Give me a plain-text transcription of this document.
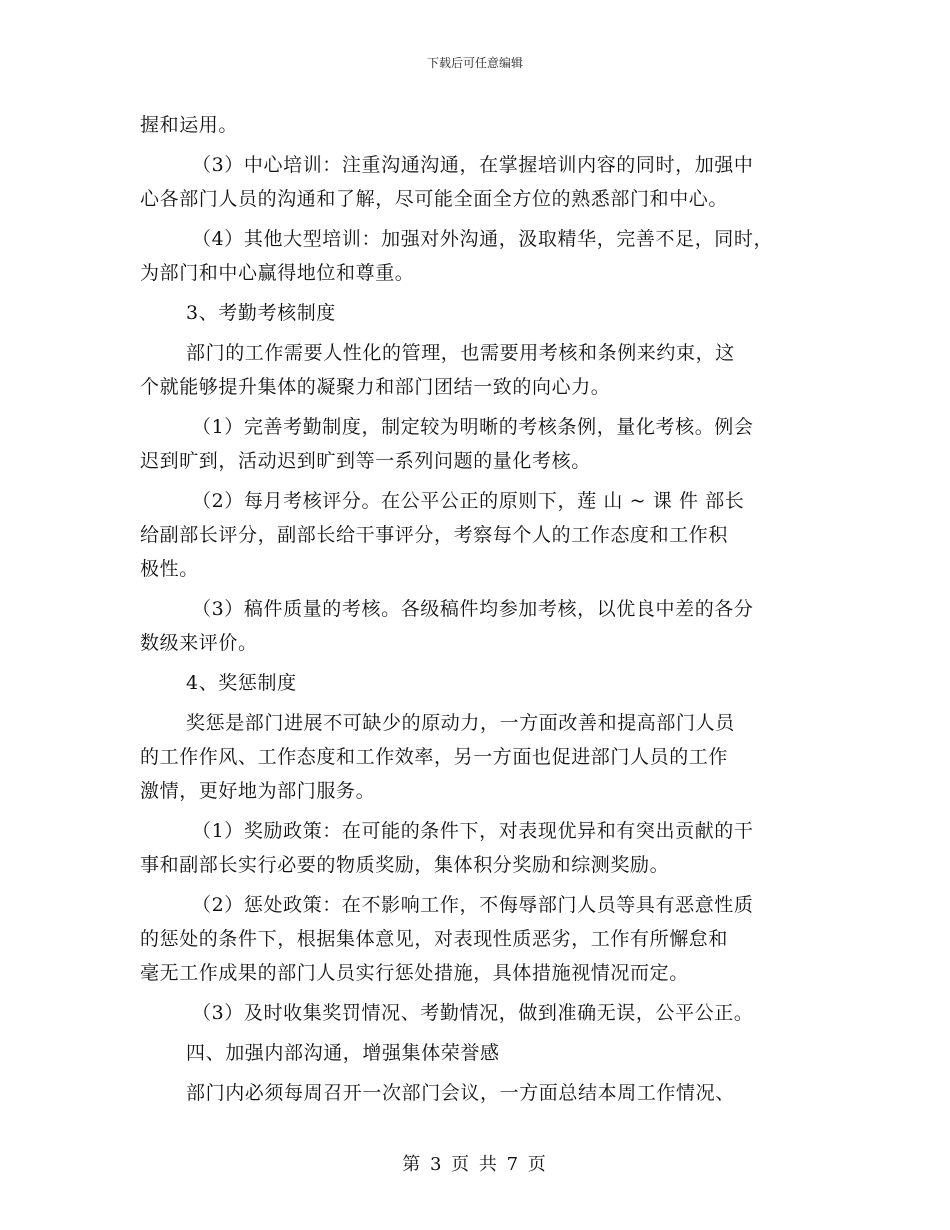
下载后可任意编辑
握和运用。
（3）中心培训：注重沟通沟通，在掌握培训内容的同时，加强中
心各部门人员的沟通和了解，尽可能全面全方位的熟悉部门和中心。
（4）其他大型培训：加强对外沟通，汲取精华，完善不足，同时，
为部门和中心赢得地位和尊重。
3、考勤考核制度
部门的工作需要人性化的管理，也需要用考核和条例来约束，这
个就能够提升集体的凝聚力和部门团结一致的向心力。
（1）完善考勤制度，制定较为明晰的考核条例，量化考核。例会
迟到旷到，活动迟到旷到等一系列问题的量化考核。
（2）每月考核评分。在公平公正的原则下，莲 山 ~ 课 件 部长
给副部长评分，副部长给干事评分，考察每个人的工作态度和工作积
极性。
（3）稿件质量的考核。各级稿件均参加考核，以优良中差的各分
数级来评价。
4、奖惩制度
奖惩是部门进展不可缺少的原动力，一方面改善和提高部门人员
的工作作风、工作态度和工作效率，另一方面也促进部门人员的工作
激情，更好地为部门服务。
（1）奖励政策：在可能的条件下，对表现优异和有突出贡献的干
事和副部长实行必要的物质奖励，集体积分奖励和综测奖励。
（2）惩处政策：在不影响工作，不侮辱部门人员等具有恶意性质
的惩处的条件下，根据集体意见，对表现性质恶劣，工作有所懈怠和
毫无工作成果的部门人员实行惩处措施，具体措施视情况而定。
（3）及时收集奖罚情况、考勤情况，做到准确无误，公平公正。
四、加强内部沟通，增强集体荣誉感
部门内必须每周召开一次部门会议，一方面总结本周工作情况、
第 3 页 共 7 页
